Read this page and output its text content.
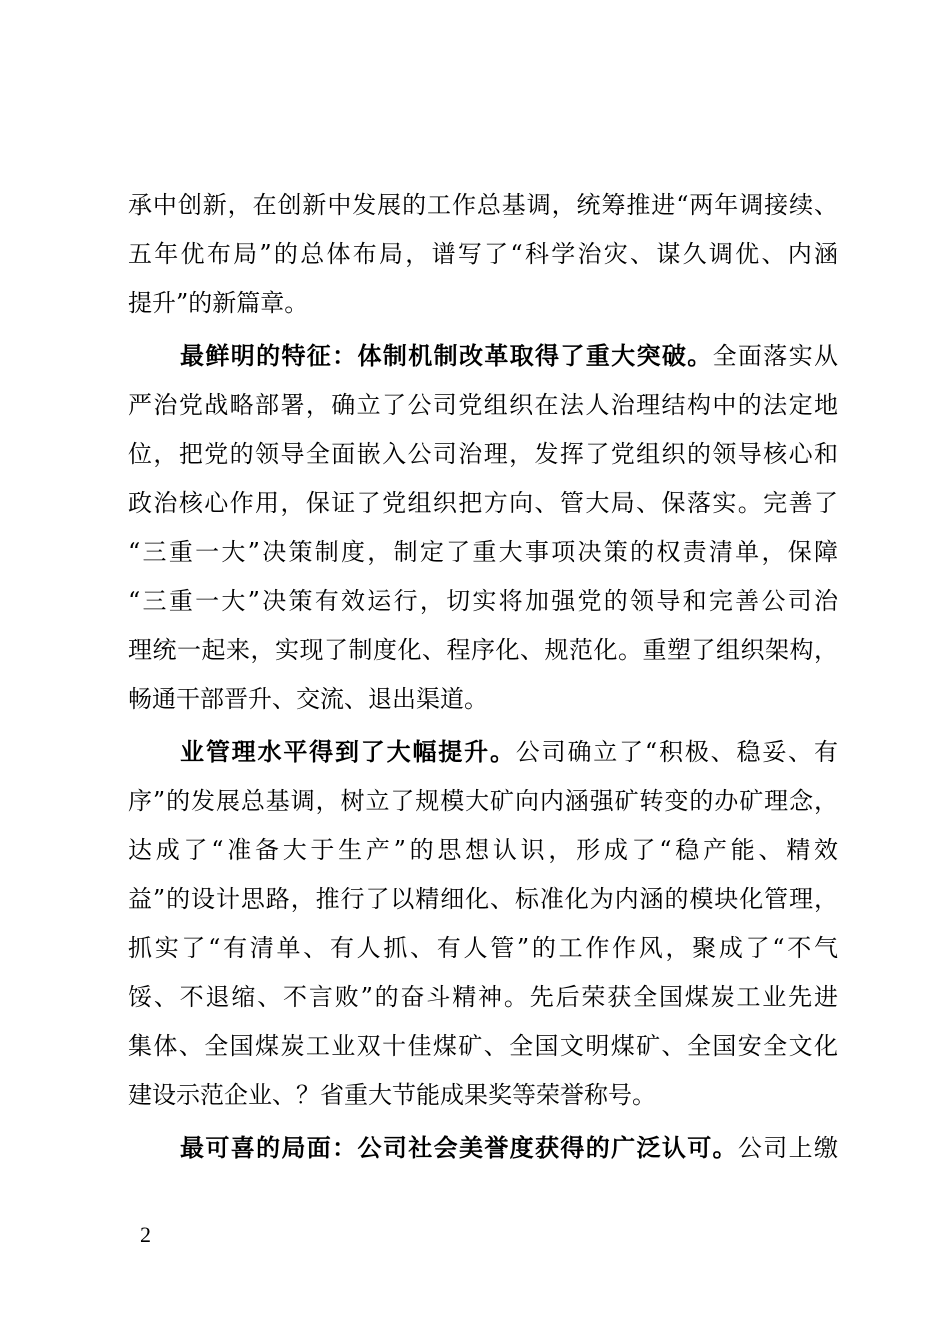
承中创新，在创新中发展的工作总基调，统筹推进“两年调接续、
五年优布局”的总体布局，谱写了“科学治灾、谋久调优、内涵
提升”的新篇章。
最鲜明的特征：体制机制改革取得了重大突破。全面落实从
严治党战略部署，确立了公司党组织在法人治理结构中的法定地
位，把党的领导全面嵌入公司治理，发挥了党组织的领导核心和
政治核心作用，保证了党组织把方向、管大局、保落实。完善了
“三重一大”决策制度，制定了重大事项决策的权责清单，保障
“三重一大”决策有效运行，切实将加强党的领导和完善公司治
理统一起来，实现了制度化、程序化、规范化。重塑了组织架构，
畅通干部晋升、交流、退出渠道。
业管理水平得到了大幅提升。公司确立了“积极、稳妥、有
序”的发展总基调，树立了规模大矿向内涵强矿转变的办矿理念，
达成了“准备大于生产”的思想认识，形成了“稳产能、精效
益”的设计思路，推行了以精细化、标准化为内涵的模块化管理，
抓实了“有清单、有人抓、有人管”的工作作风，聚成了“不气
馁、不退缩、不言败”的奋斗精神。先后荣获全国煤炭工业先进
集体、全国煤炭工业双十佳煤矿、全国文明煤矿、全国安全文化
建设示范企业、？省重大节能成果奖等荣誉称号。
最可喜的局面：公司社会美誉度获得的广泛认可。公司上缴
2
